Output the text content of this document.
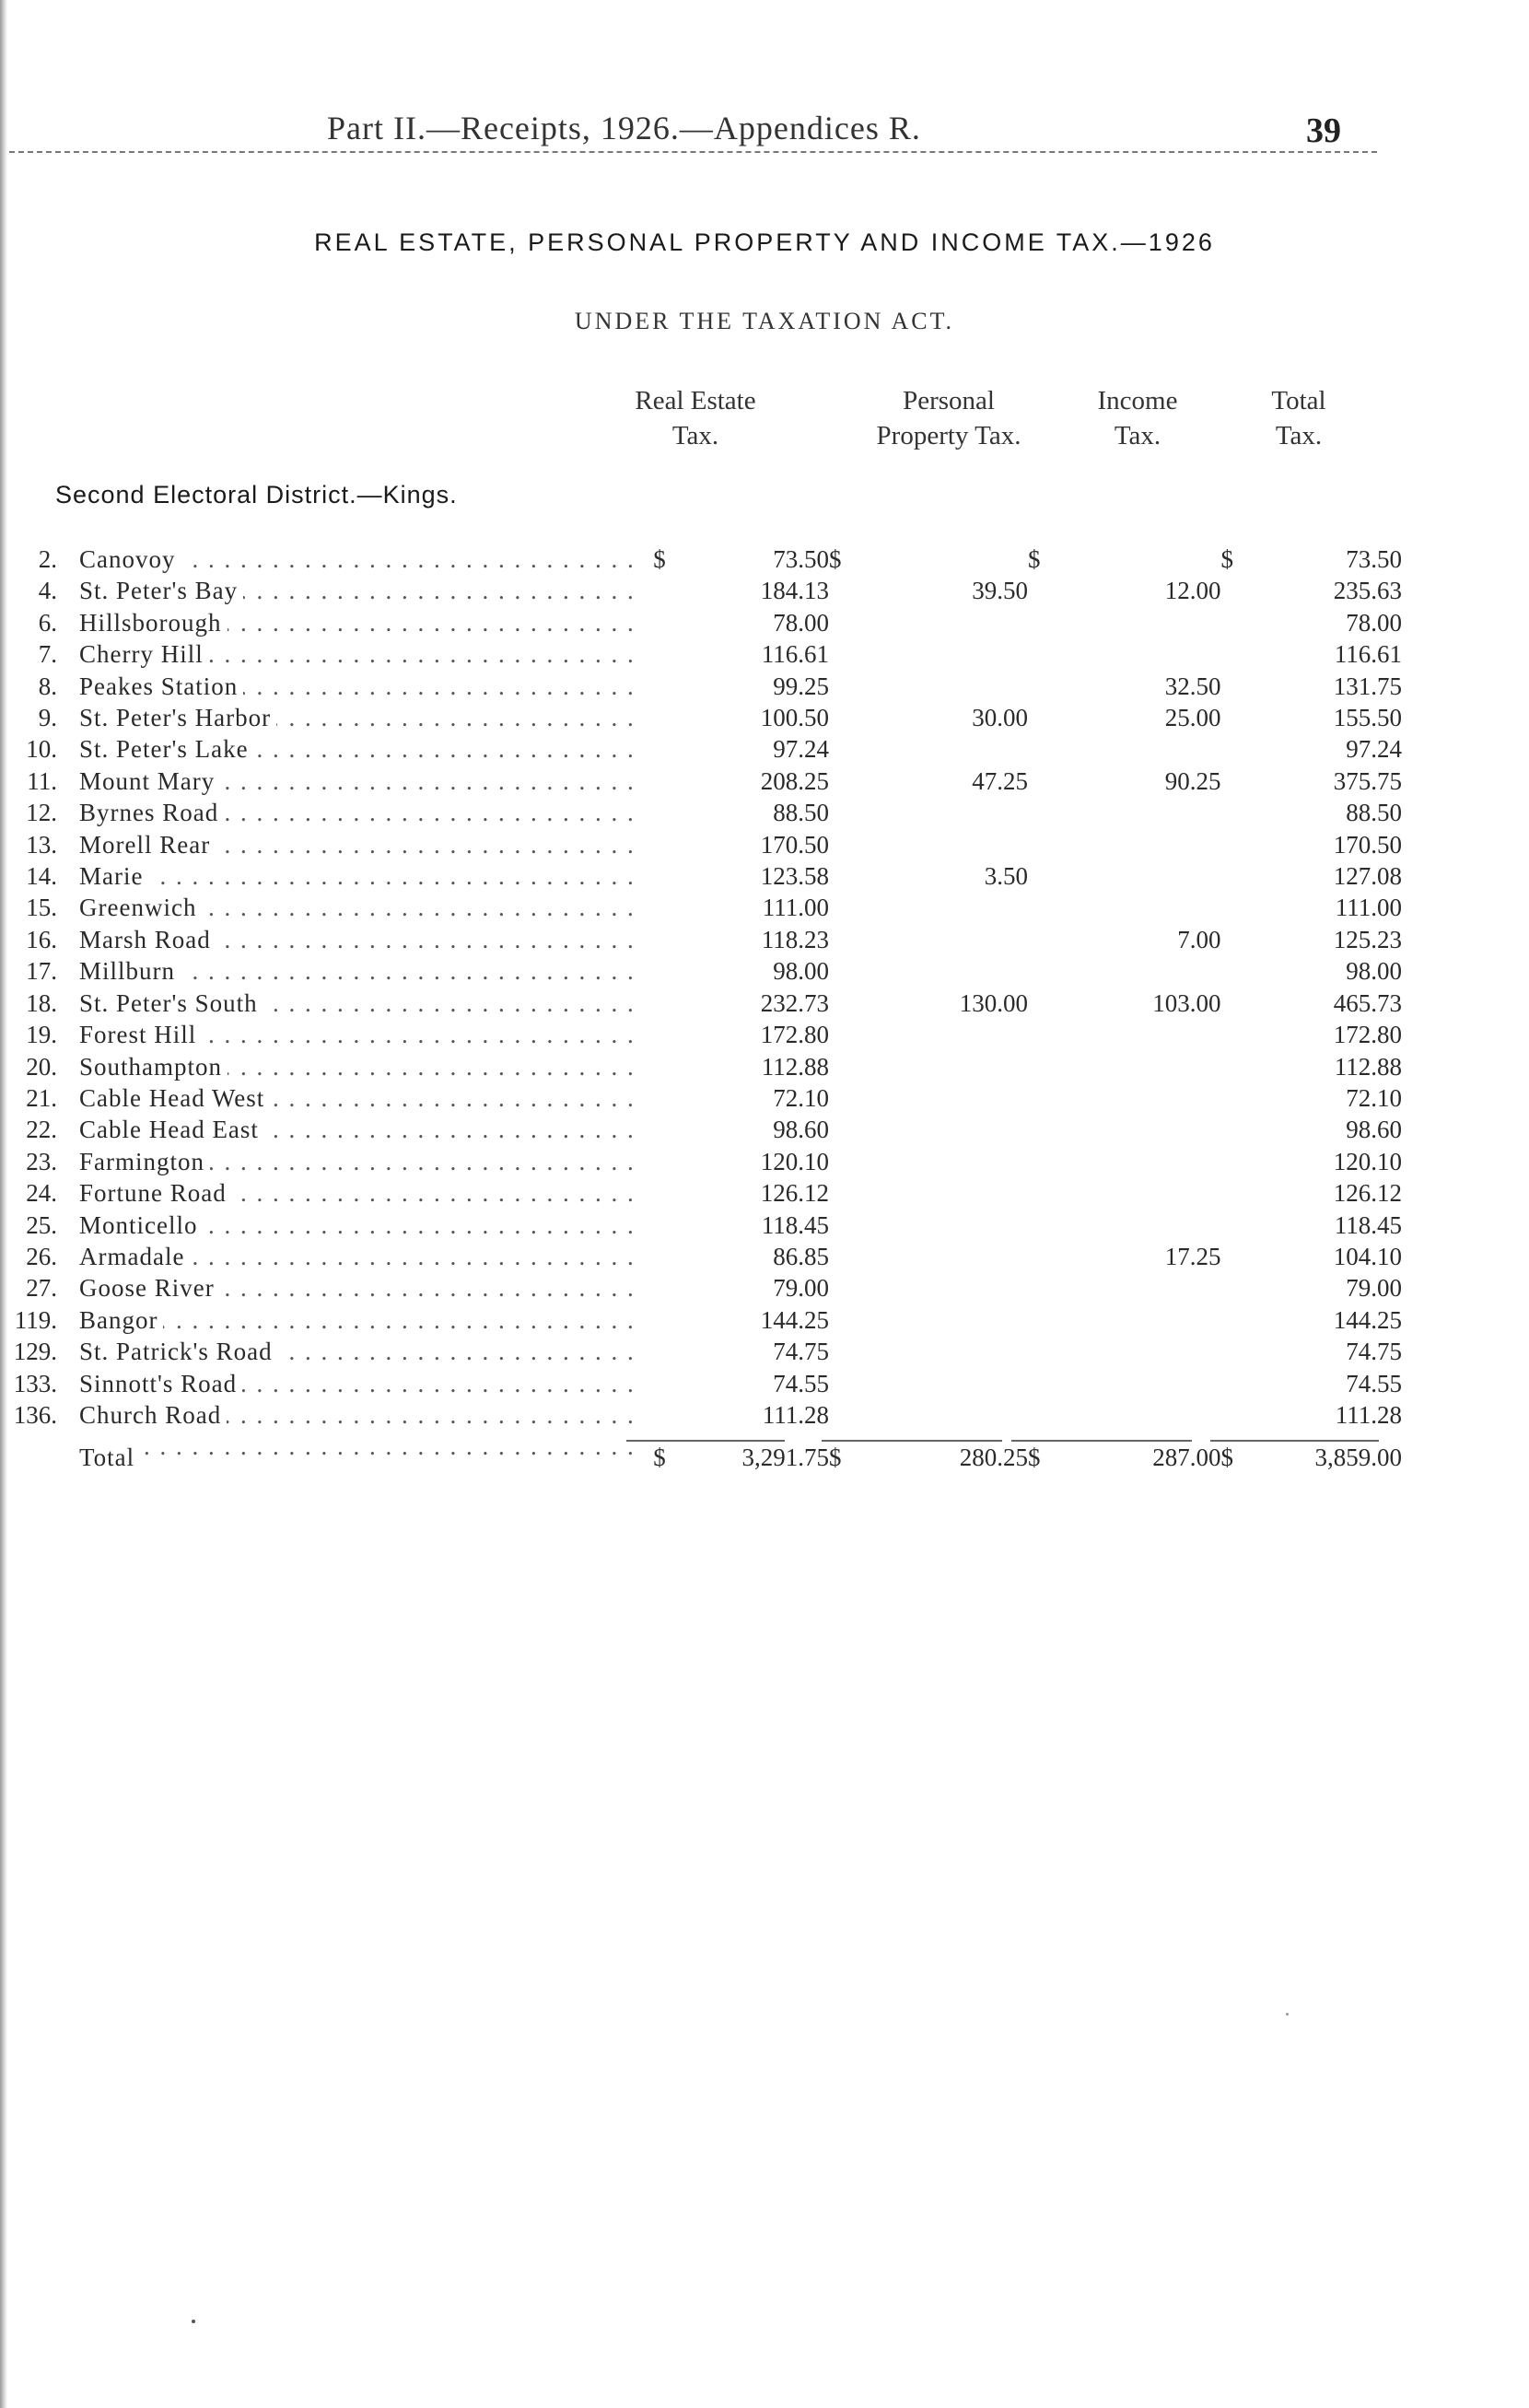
Part II.—Receipts, 1926.—Appendices R.	39
REAL ESTATE, PERSONAL PROPERTY AND INCOME TAX.—1926
UNDER THE TAXATION ACT.
Real Estate
Tax.
Personal
Property Tax.
Income
Tax.
Total
Tax.
Second Electoral District.—Kings.
2.	Canovoy . . .	$	73.50	$		$		$	73.50
4.	St. Peter's Bay . . .		184.13		39.50		12.00		235.63
6.	Hillsborough . . .		78.00						78.00
7.	Cherry Hill . . .		116.61						116.61
8.	Peakes Station . . .		99.25				32.50		131.75
9.	St. Peter's Harbor . . .		100.50		30.00		25.00		155.50
10.	St. Peter's Lake . . .		97.24						97.24
11.	Mount Mary . . .		208.25		47.25		90.25		375.75
12.	Byrnes Road . . .		88.50						88.50
13.	Morell Rear . . .		170.50						170.50
14.	Marie . . .		123.58		3.50				127.08
15.	Greenwich . . .		111.00						111.00
16.	Marsh Road . . .		118.23				7.00		125.23
17.	Millburn . . .		98.00						98.00
18.	St. Peter's South . . .		232.73		130.00		103.00		465.73
19.	Forest Hill . . .		172.80						172.80
20.	Southampton . . .		112.88						112.88
21.	Cable Head West . . .		72.10						72.10
22.	Cable Head East . . .		98.60						98.60
23.	Farmington . . .		120.10						120.10
24.	Fortune Road . . .		126.12						126.12
25.	Monticello . . .		118.45						118.45
26.	Armadale . . .		86.85				17.25		104.10
27.	Goose River . . .		79.00						79.00
119.	Bangor . . .		144.25						144.25
129.	St. Patrick's Road . . .		74.75						74.75
133.	Sinnott's Road . . .		74.55						74.55
136.	Church Road . . .		111.28						111.28
	Total . . .	$	3,291.75	$	280.25	$	287.00	$	3,859.00
